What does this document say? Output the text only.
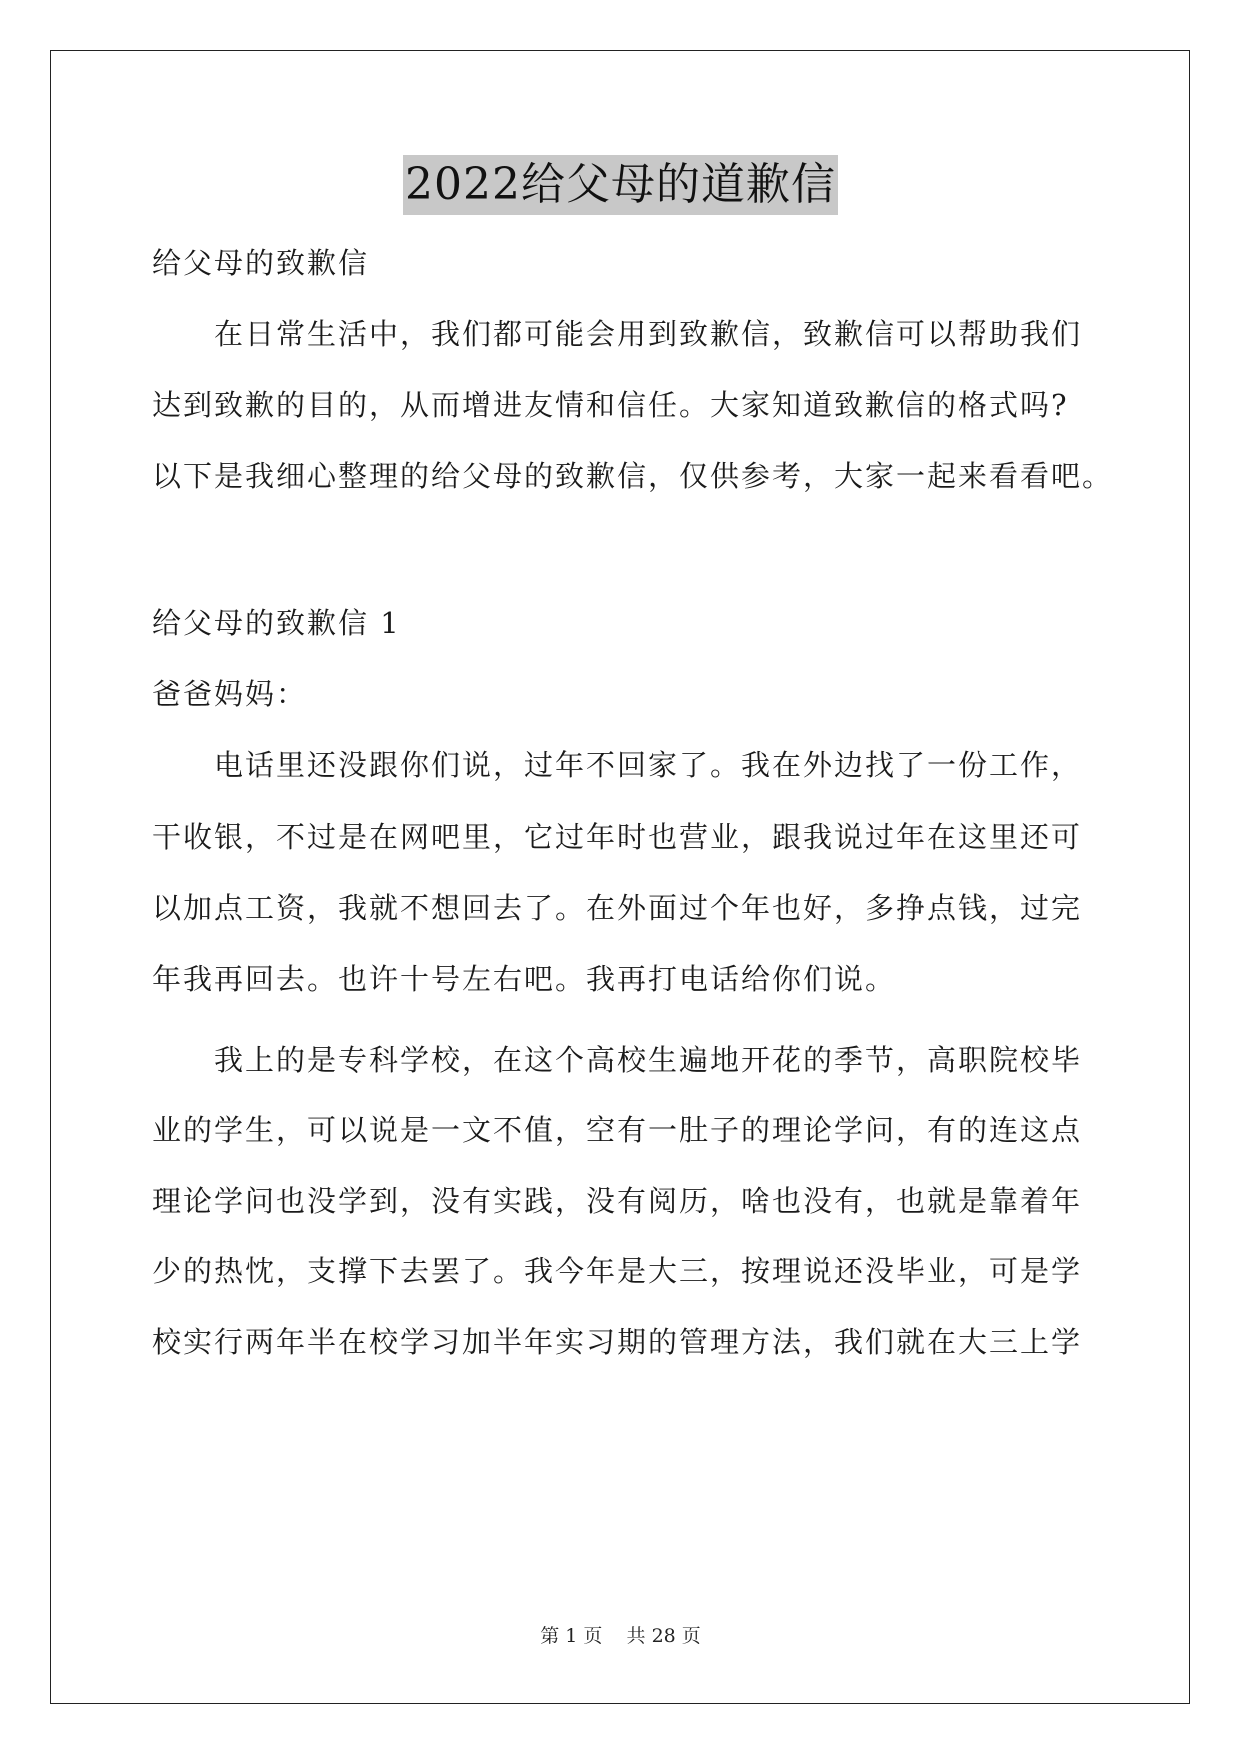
2022给父母的道歉信
给父母的致歉信
在日常生活中，我们都可能会用到致歉信，致歉信可以帮助我们
达到致歉的目的，从而增进友情和信任。大家知道致歉信的格式吗?
以下是我细心整理的给父母的致歉信，仅供参考，大家一起来看看吧。
给父母的致歉信 1
爸爸妈妈：
电话里还没跟你们说，过年不回家了。我在外边找了一份工作，
干收银，不过是在网吧里，它过年时也营业，跟我说过年在这里还可
以加点工资，我就不想回去了。在外面过个年也好，多挣点钱，过完
年我再回去。也许十号左右吧。我再打电话给你们说。
我上的是专科学校，在这个高校生遍地开花的季节，高职院校毕
业的学生，可以说是一文不值，空有一肚子的理论学问，有的连这点
理论学问也没学到，没有实践，没有阅历，啥也没有，也就是靠着年
少的热忱，支撑下去罢了。我今年是大三，按理说还没毕业，可是学
校实行两年半在校学习加半年实习期的管理方法，我们就在大三上学
第 1 页 共 28 页
